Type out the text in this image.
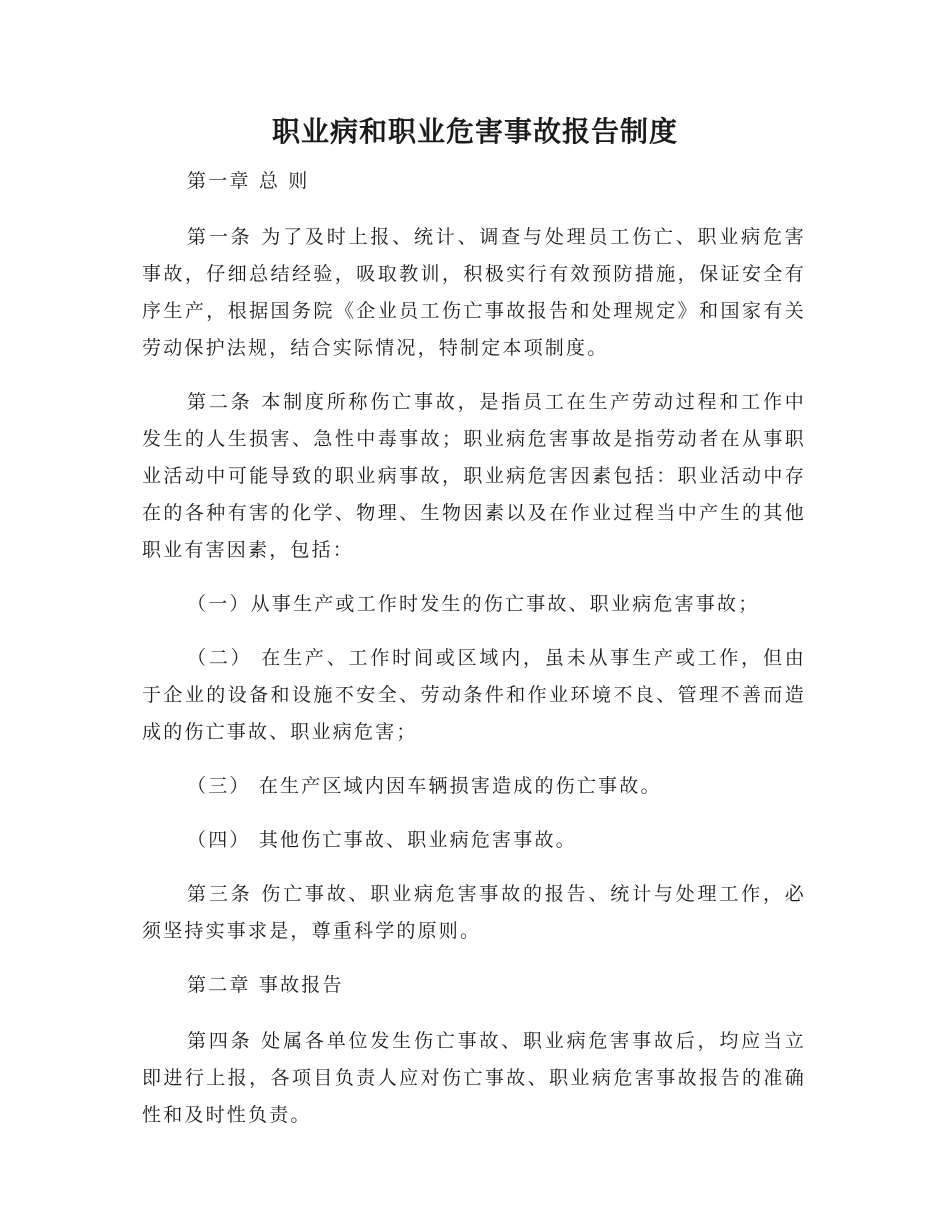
职业病和职业危害事故报告制度

第一章 总 则

第一条 为了及时上报、统计、调查与处理员工伤亡、职业病危害事故，仔细总结经验，吸取教训，积极实行有效预防措施，保证安全有序生产，根据国务院《企业员工伤亡事故报告和处理规定》和国家有关劳动保护法规，结合实际情况，特制定本项制度。

第二条 本制度所称伤亡事故，是指员工在生产劳动过程和工作中发生的人生损害、急性中毒事故；职业病危害事故是指劳动者在从事职业活动中可能导致的职业病事故，职业病危害因素包括：职业活动中存在的各种有害的化学、物理、生物因素以及在作业过程当中产生的其他职业有害因素，包括：

（一）从事生产或工作时发生的伤亡事故、职业病危害事故；

（二） 在生产、工作时间或区域内，虽未从事生产或工作，但由于企业的设备和设施不安全、劳动条件和作业环境不良、管理不善而造成的伤亡事故、职业病危害；

（三） 在生产区域内因车辆损害造成的伤亡事故。

（四） 其他伤亡事故、职业病危害事故。

第三条 伤亡事故、职业病危害事故的报告、统计与处理工作，必须坚持实事求是，尊重科学的原则。

第二章 事故报告

第四条 处属各单位发生伤亡事故、职业病危害事故后，均应当立即进行上报，各项目负责人应对伤亡事故、职业病危害事故报告的准确性和及时性负责。
